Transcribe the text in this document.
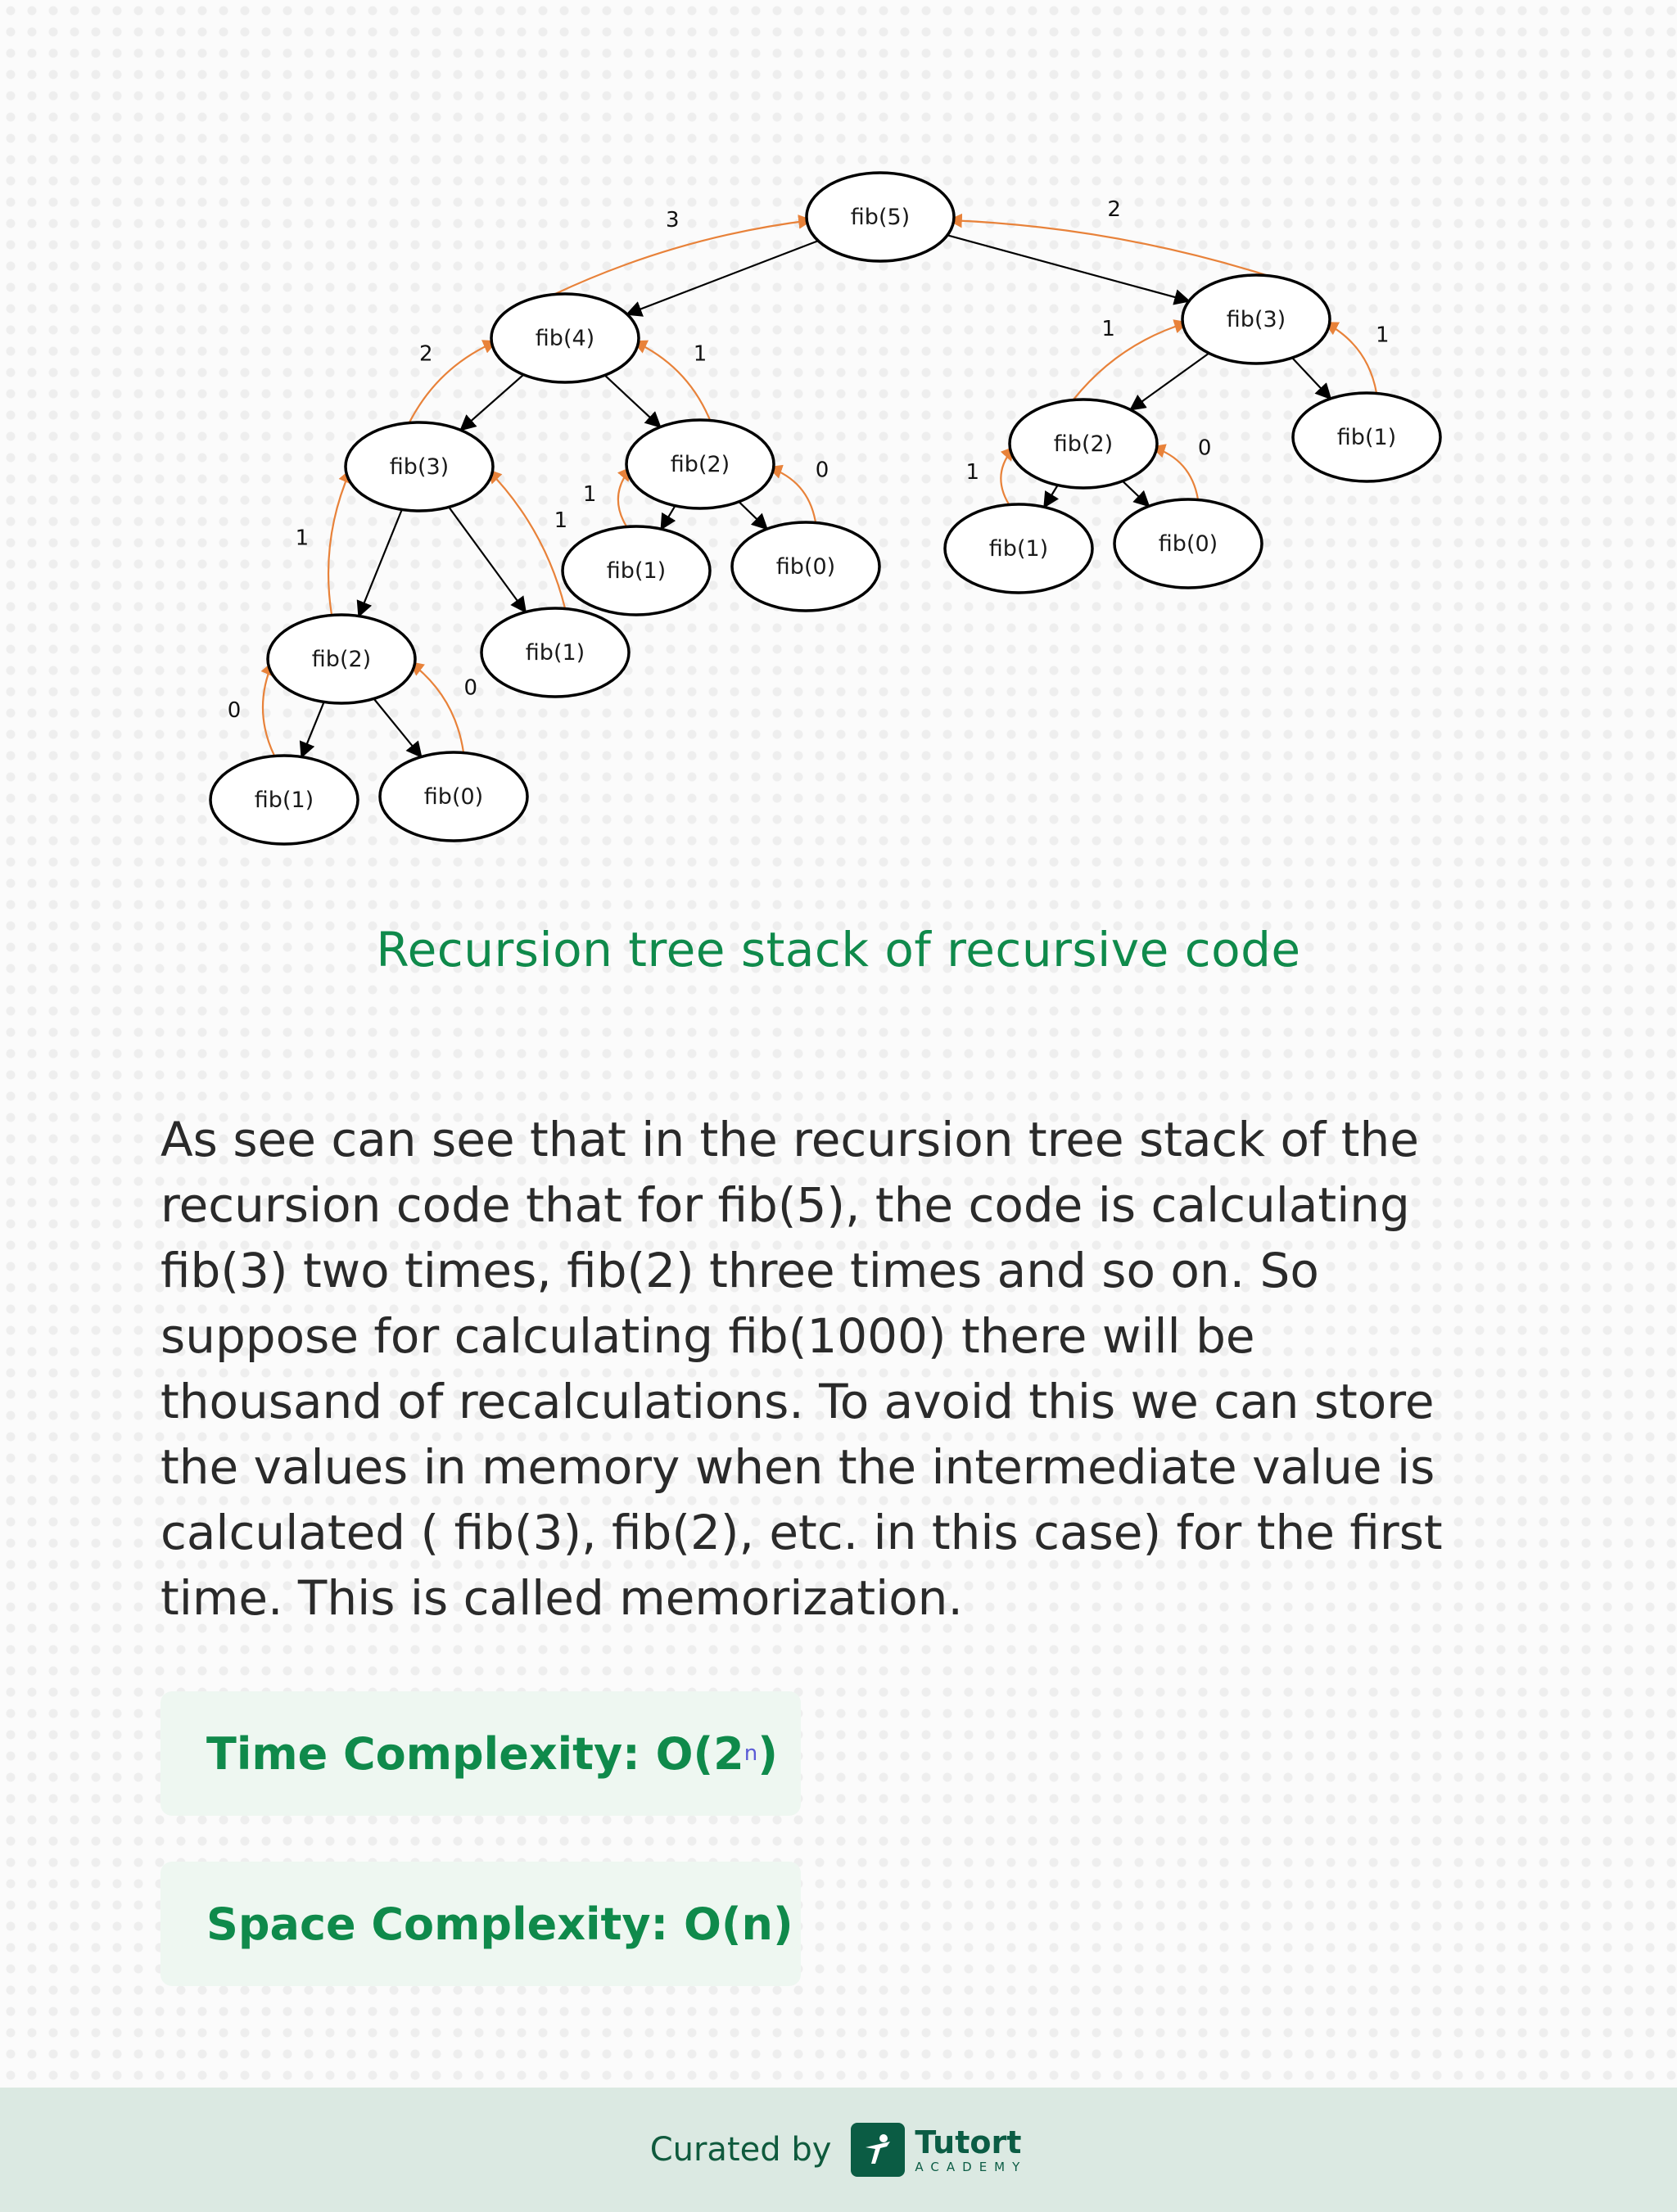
3	2
2	1
1
1
0
0
1
0
1	1
1
0
fib(5)
fib(4)
fib(3)
fib(2)
fib(1)	fib(0)
fib(1)
fib(2)
fib(1)	fib(0)
fib(3)
fib(2)
fib(1)	fib(0)
fib(1)
Recursion tree stack of recursive code
As see can see that in the recursion tree stack of the
recursion code that for fib(5), the code is calculating
fib(3) two times, fib(2) three times and so on. So
suppose for calculating fib(1000) there will be
thousand of recalculations. To avoid this we can store
the values in memory when the intermediate value is
calculated ( fib(3), fib(2), etc. in this case) for the first
time. This is called memorization.
Time Complexity: O(2 n )
Space Complexity: O(n)
Curated by	Tutort
ACADEMY
